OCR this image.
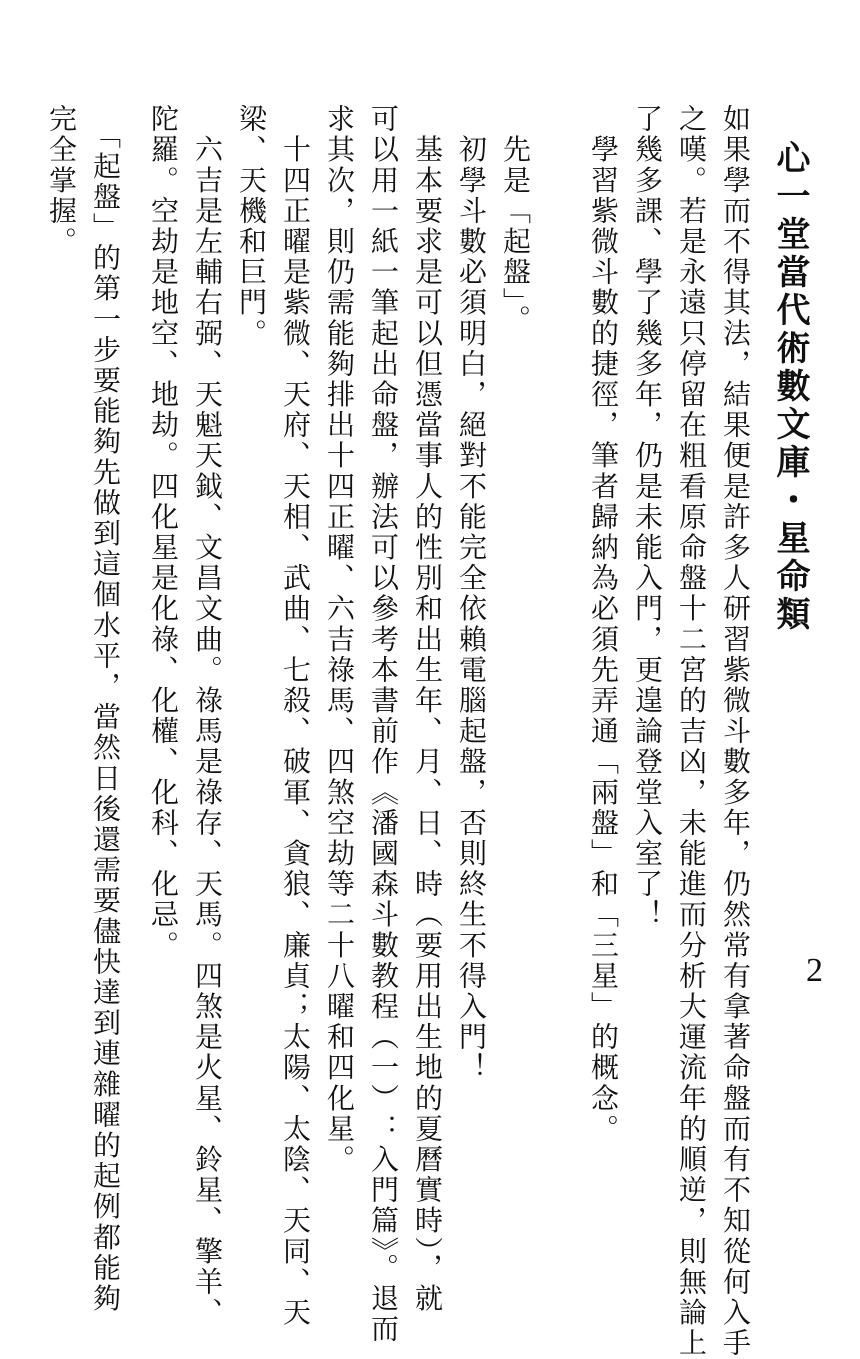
心一堂當代術數文庫・星命類
2
如果學而不得其法，結果便是許多人研習紫微斗數多年，仍然常有拿著命盤而有不知從何入手
之嘆。若是永遠只停留在粗看原命盤十二宮的吉凶，未能進而分析大運流年的順逆，則無論上
了幾多課、學了幾多年，仍是未能入門，更遑論登堂入室了！
　學習紫微斗數的捷徑，筆者歸納為必須先弄通「兩盤」和「三星」的概念。
　先是「起盤」。
　初學斗數必須明白，絕對不能完全依賴電腦起盤，否則終生不得入門！
　基本要求是可以但憑當事人的性別和出生年、月、日、時（要用出生地的夏曆實時），就
可以用一紙一筆起出命盤，辦法可以參考本書前作《潘國森斗數教程（一）：入門篇》。退而
求其次，則仍需能夠排出十四正曜、六吉祿馬、四煞空劫等二十八曜和四化星。
　十四正曜是紫微、天府、天相、武曲、七殺、破軍、貪狼、廉貞；太陽、太陰、天同、天
梁、天機和巨門。
　六吉是左輔右弼、天魁天鉞、文昌文曲。祿馬是祿存、天馬。四煞是火星、鈴星、擎羊、
陀羅。空劫是地空、地劫。四化星是化祿、化權、化科、化忌。
　「起盤」的第一步要能夠先做到這個水平，當然日後還需要儘快達到連雜曜的起例都能夠
完全掌握。
